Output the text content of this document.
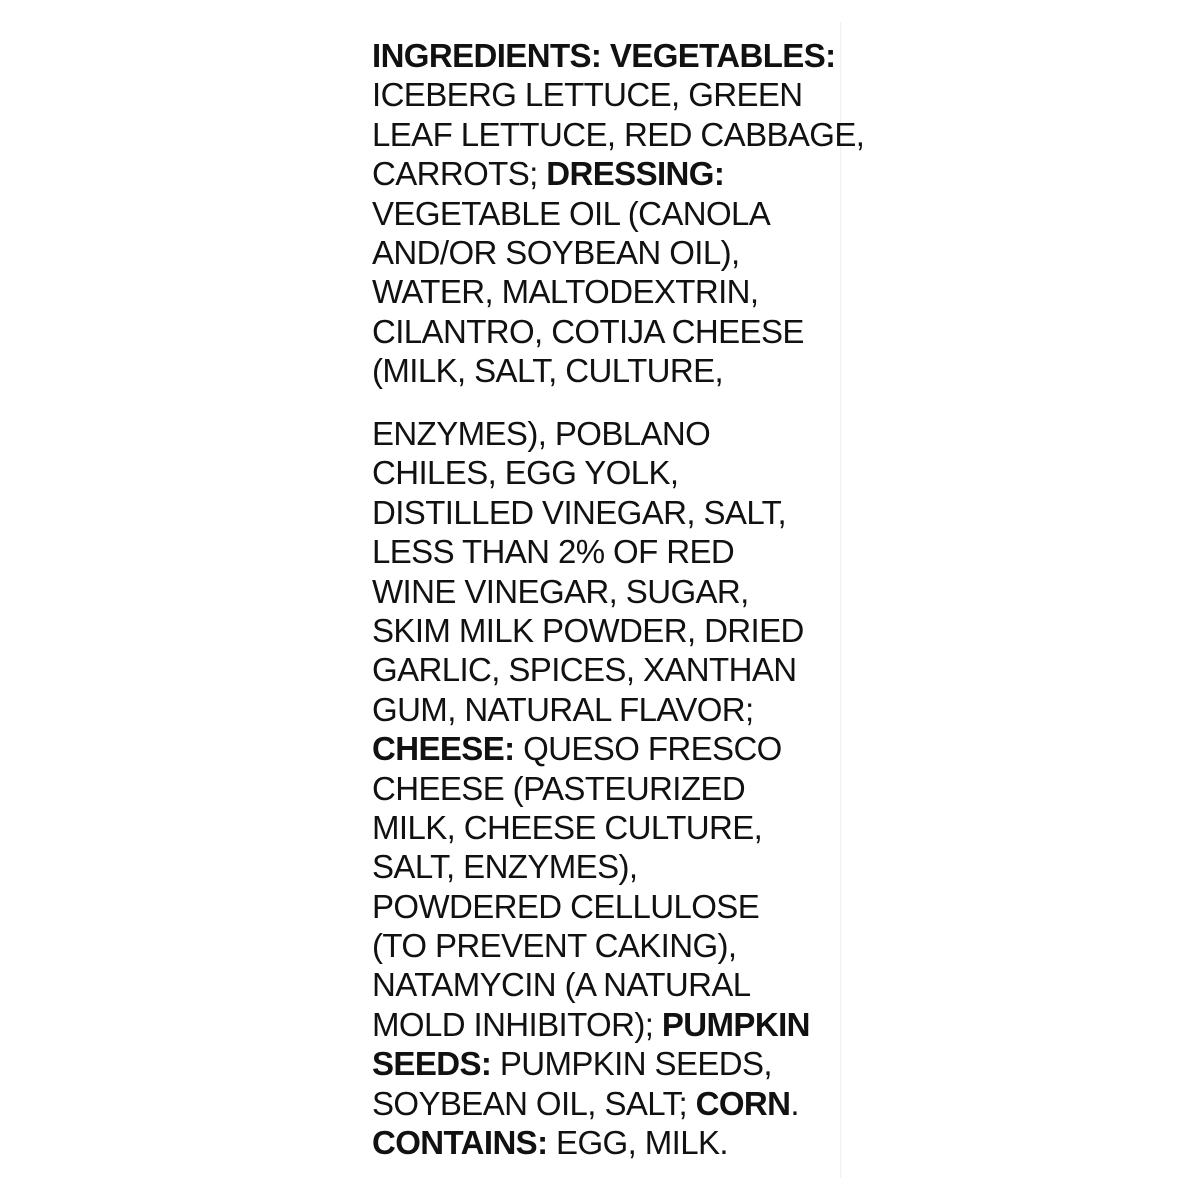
INGREDIENTS: VEGETABLES:
ICEBERG LETTUCE, GREEN
LEAF LETTUCE, RED CABBAGE,
CARROTS; DRESSING:
VEGETABLE OIL (CANOLA
AND/OR SOYBEAN OIL),
WATER, MALTODEXTRIN,
CILANTRO, COTIJA CHEESE
(MILK, SALT, CULTURE,
ENZYMES), POBLANO
CHILES, EGG YOLK,
DISTILLED VINEGAR, SALT,
LESS THAN 2% OF RED
WINE VINEGAR, SUGAR,
SKIM MILK POWDER, DRIED
GARLIC, SPICES, XANTHAN
GUM, NATURAL FLAVOR;
CHEESE: QUESO FRESCO
CHEESE (PASTEURIZED
MILK, CHEESE CULTURE,
SALT, ENZYMES),
POWDERED CELLULOSE
(TO PREVENT CAKING),
NATAMYCIN (A NATURAL
MOLD INHIBITOR); PUMPKIN
SEEDS: PUMPKIN SEEDS,
SOYBEAN OIL, SALT; CORN.
CONTAINS: EGG, MILK.
